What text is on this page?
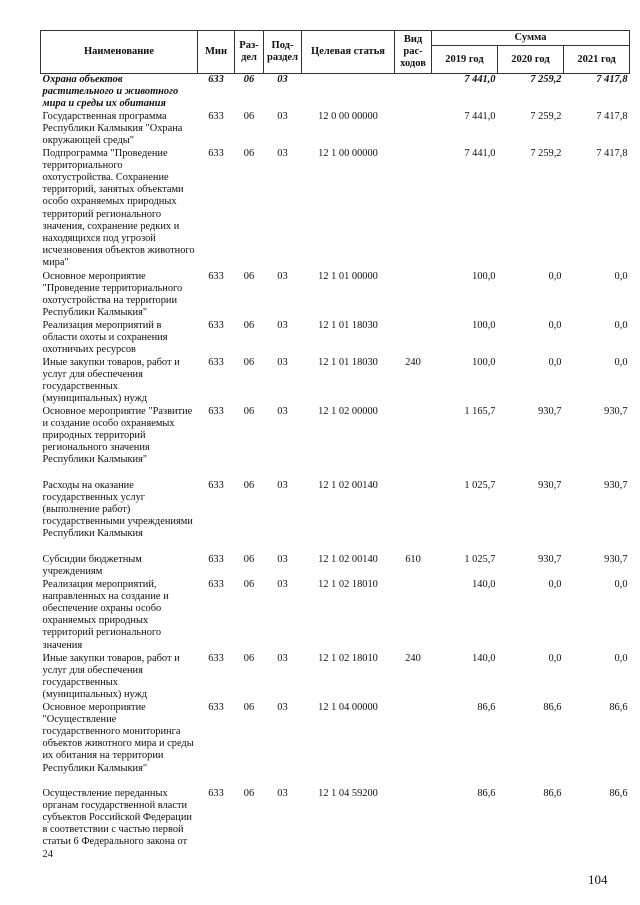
Наименование	Мин	Раз-дел	Под-раздел	Целевая статья	Вид рас-ходов	Сумма		
						2019 год	2020 год	2021 год
Охрана объектов растительного и животного мира и среды их обитания	633	06	03			7 441,0	7 259,2	7 417,8
Государственная программа Республики Калмыкия "Охрана окружающей среды"	633	06	03	12 0 00 00000		7 441,0	7 259,2	7 417,8
Подпрограмма "Проведение территориального охотустройства. Сохранение территорий, занятых объектами особо охраняемых природных территорий регионального значения, сохранение редких и находящихся под угрозой исчезновения объектов животного мира"	633	06	03	12 1 00 00000		7 441,0	7 259,2	7 417,8
Основное мероприятие "Проведение территориального охотустройства на территории Республики Калмыкия"	633	06	03	12 1 01 00000		100,0	0,0	0,0
Реализация мероприятий в области охоты и сохранения охотничьих ресурсов	633	06	03	12 1 01 18030		100,0	0,0	0,0
Иные закупки товаров, работ и услуг для обеспечения государственных (муниципальных) нужд	633	06	03	12 1 01 18030	240	100,0	0,0	0,0
Основное мероприятие "Развитие и создание особо охраняемых природных территорий регионального значения Республики Калмыкия"	633	06	03	12 1 02 00000		1 165,7	930,7	930,7
Расходы на оказание государственных услуг (выполнение работ) государственными учреждениями Республики Калмыкия	633	06	03	12 1 02 00140		1 025,7	930,7	930,7
Субсидии бюджетным учреждениям	633	06	03	12 1 02 00140	610	1 025,7	930,7	930,7
Реализация мероприятий, направленных на создание и обеспечение охраны особо охраняемых природных территорий регионального значения	633	06	03	12 1 02 18010		140,0	0,0	0,0
Иные закупки товаров, работ и услуг для обеспечения государственных (муниципальных) нужд	633	06	03	12 1 02 18010	240	140,0	0,0	0,0
Основное мероприятие "Осуществление государственного мониторинга объектов животного мира и среды их обитания на территории Республики Калмыкия"	633	06	03	12 1 04 00000		86,6	86,6	86,6
Осуществление переданных органам государственной власти субъектов Российской Федерации в соответствии с частью первой статьи 6 Федерального закона от 24	633	06	03	12 1 04 59200		86,6	86,6	86,6
104
